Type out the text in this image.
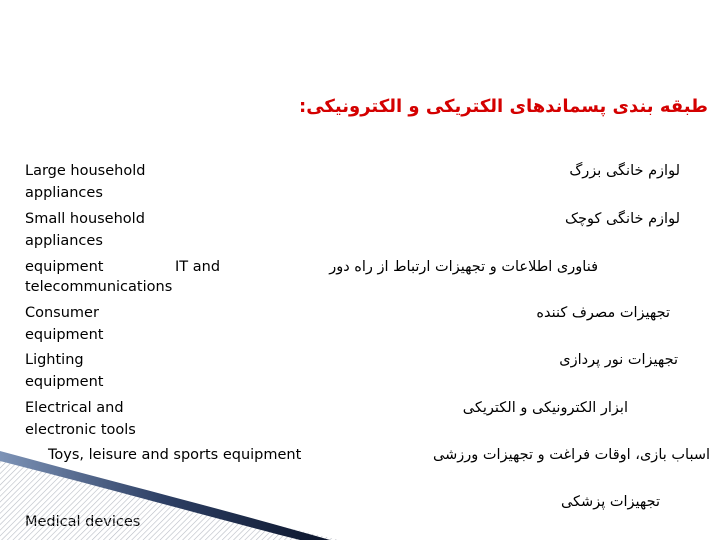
طبقه بندی پسماندهای الکتریکی و الکترونیکی:
لوازم خانگی بزرگ
Large household
appliances
لوازم خانگی کوچک
Small household
appliances
فناوری اطلاعات و تجهیزات ارتباط از راه دور
IT and
equipment
telecommunications
تجهیزات مصرف کننده
Consumer
equipment
تجهیزات نور پردازی
Lighting
equipment
ابزار الکترونیکی و الکتریکی
Electrical and
electronic tools
اسباب بازی، اوقات فراغت و تجهیزات ورزشی
Toys, leisure and sports equipment
تجهیزات پزشکی
